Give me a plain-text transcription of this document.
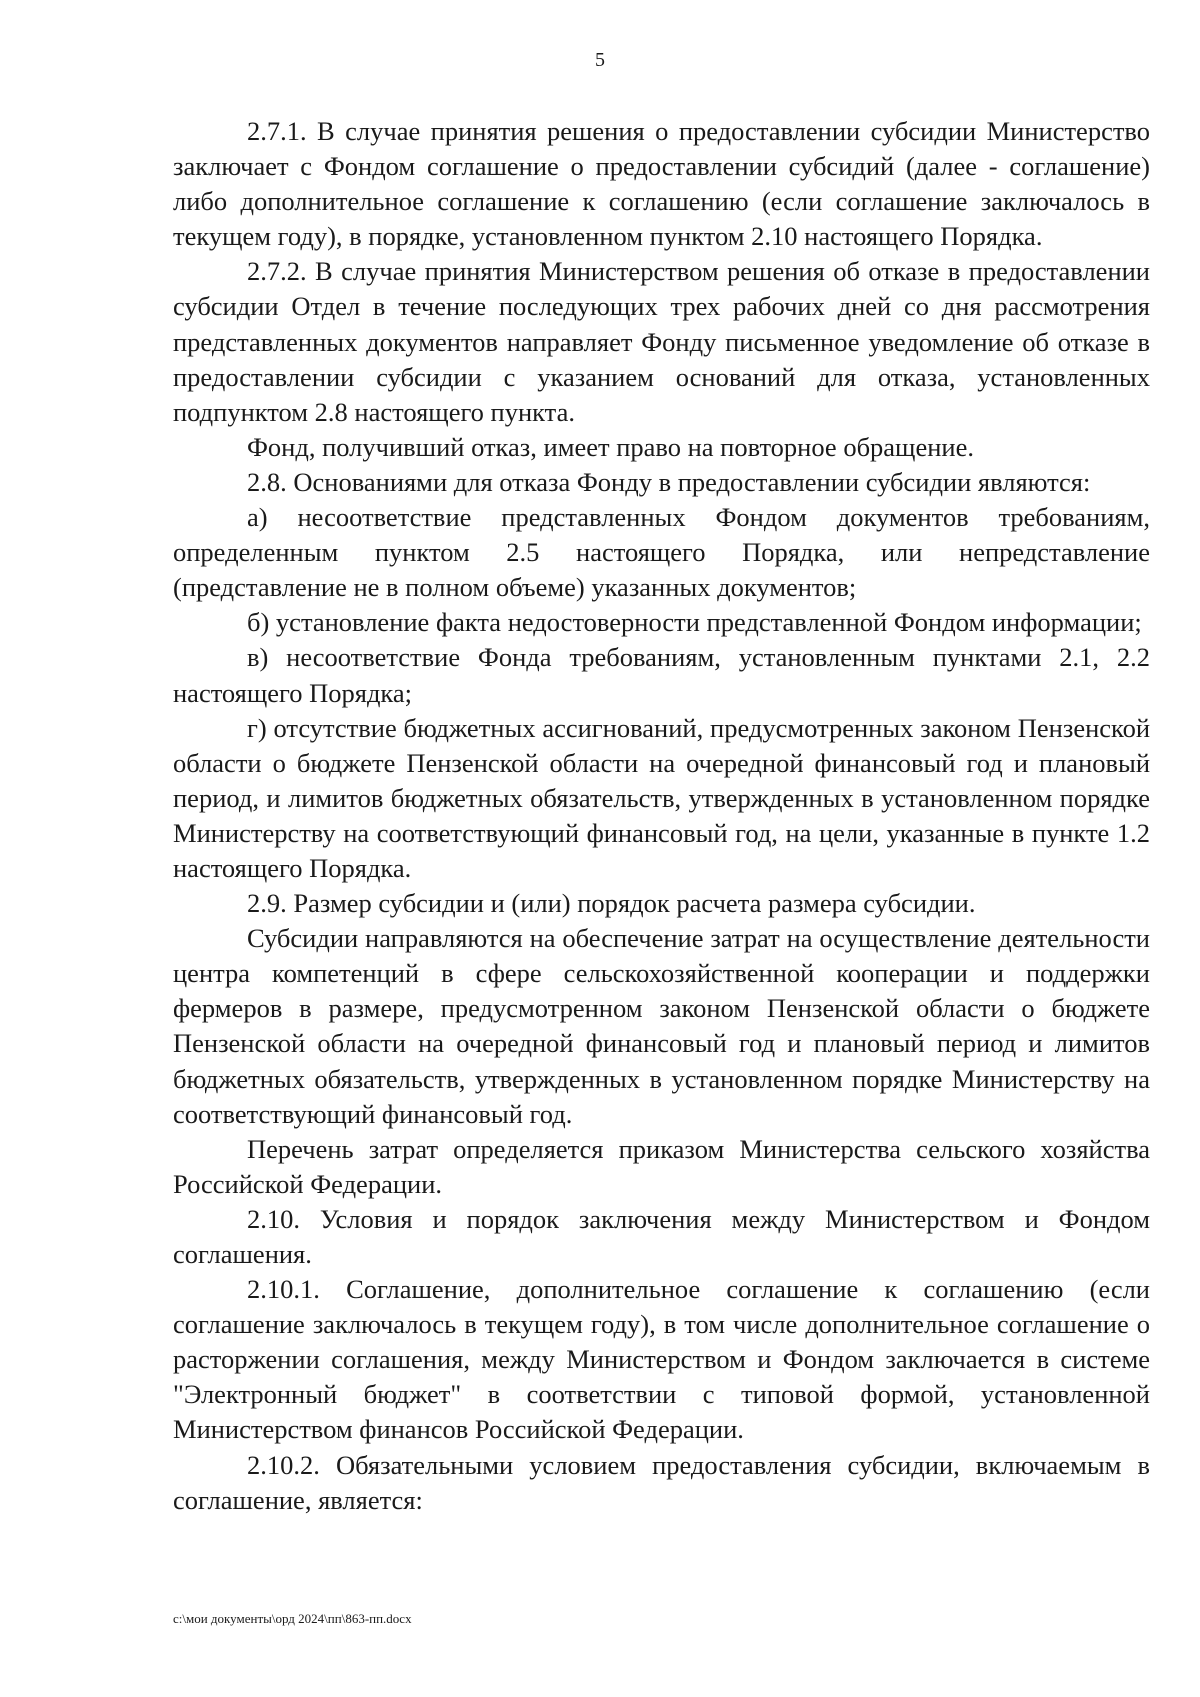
5

2.7.1. В случае принятия решения о предоставлении субсидии Министерство заключает с Фондом соглашение о предоставлении субсидий (далее - соглашение) либо дополнительное соглашение к соглашению (если соглашение заключалось в текущем году), в порядке, установленном пунктом 2.10 настоящего Порядка.

2.7.2. В случае принятия Министерством решения об отказе в предоставлении субсидии Отдел в течение последующих трех рабочих дней со дня рассмотрения представленных документов направляет Фонду письменное уведомление об отказе в предоставлении субсидии с указанием оснований для отказа, установленных подпунктом 2.8 настоящего пункта.

Фонд, получивший отказ, имеет право на повторное обращение.

2.8. Основаниями для отказа Фонду в предоставлении субсидии являются:

а) несоответствие представленных Фондом документов требованиям, определенным пунктом 2.5 настоящего Порядка, или непредставление (представление не в полном объеме) указанных документов;

б) установление факта недостоверности представленной Фондом информации;

в) несоответствие Фонда требованиям, установленным пунктами 2.1, 2.2 настоящего Порядка;

г) отсутствие бюджетных ассигнований, предусмотренных законом Пензенской области о бюджете Пензенской области на очередной финансовый год и плановый период, и лимитов бюджетных обязательств, утвержденных в установленном порядке Министерству на соответствующий финансовый год, на цели, указанные в пункте 1.2 настоящего Порядка.

2.9. Размер субсидии и (или) порядок расчета размера субсидии.

Субсидии направляются на обеспечение затрат на осуществление деятельности центра компетенций в сфере сельскохозяйственной кооперации и поддержки фермеров в размере, предусмотренном законом Пензенской области о бюджете Пензенской области на очередной финансовый год и плановый период и лимитов бюджетных обязательств, утвержденных в установленном порядке Министерству на соответствующий финансовый год.

Перечень затрат определяется приказом Министерства сельского хозяйства Российской Федерации.

2.10. Условия и порядок заключения между Министерством и Фондом соглашения.

2.10.1. Соглашение, дополнительное соглашение к соглашению (если соглашение заключалось в текущем году), в том числе дополнительное соглашение о расторжении соглашения, между Министерством и Фондом заключается в системе "Электронный бюджет" в соответствии с типовой формой, установленной Министерством финансов Российской Федерации.

2.10.2. Обязательными условием предоставления субсидии, включаемым в соглашение, является:

c:\мои документы\орд 2024\пп\863-пп.docx
